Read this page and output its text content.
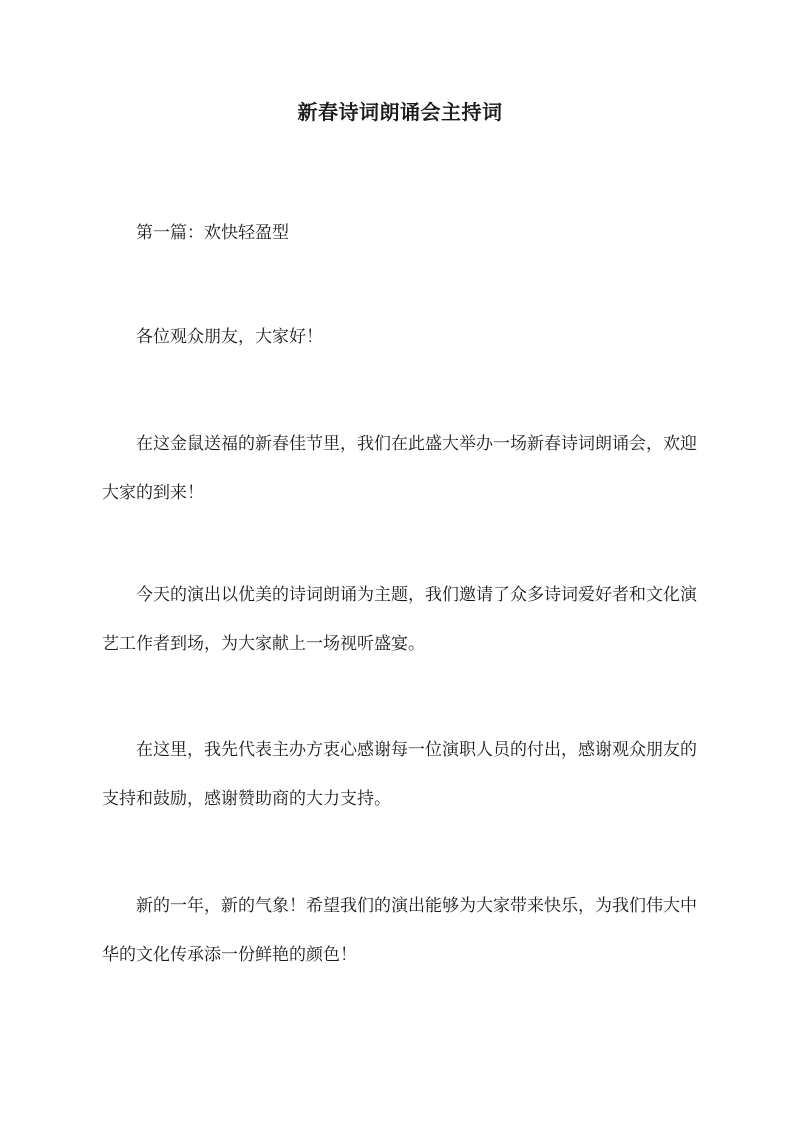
新春诗词朗诵会主持词
第一篇：欢快轻盈型

各位观众朋友，大家好！

在这金鼠送福的新春佳节里，我们在此盛大举办一场新春诗词朗诵会，欢迎大家的到来！

今天的演出以优美的诗词朗诵为主题，我们邀请了众多诗词爱好者和文化演艺工作者到场，为大家献上一场视听盛宴。

在这里，我先代表主办方衷心感谢每一位演职人员的付出，感谢观众朋友的支持和鼓励，感谢赞助商的大力支持。

新的一年，新的气象！希望我们的演出能够为大家带来快乐，为我们伟大中华的文化传承添一份鲜艳的颜色！
